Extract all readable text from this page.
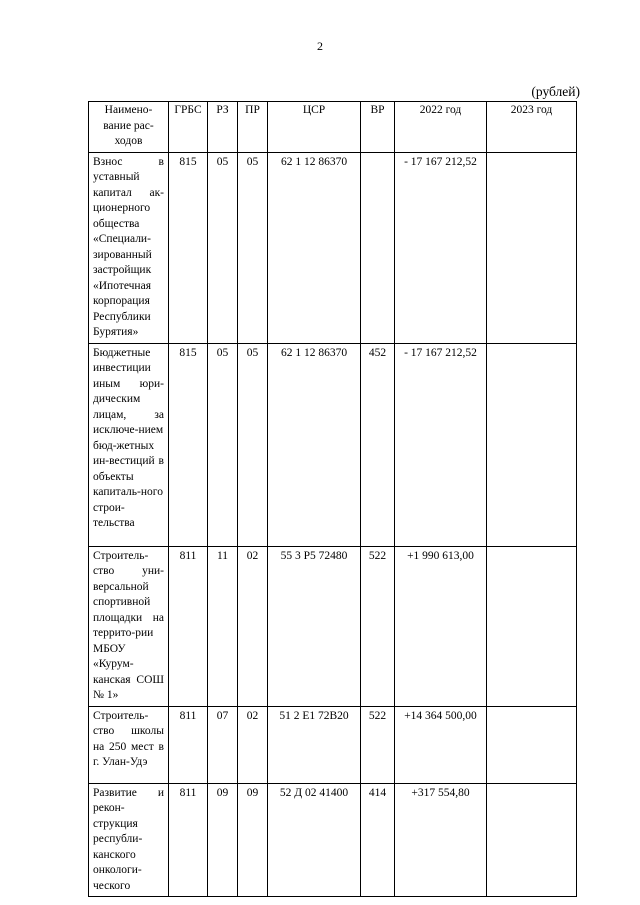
2
(рублей)
Наимено-вание рас-ходов	ГРБС	РЗ	ПР	ЦСР	ВР	2022 год	2023 год
Взнос в уставный капитал ак-ционерного общества «Специали-зированный застройщик «Ипотечная корпорация Республики Бурятия»	815	05	05	62 1 12 86370		- 17 167 212,52	
Бюджетные инвестиции иным юри-дическим лицам, за исключе-нием бюд-жетных ин-вестиций в объекты капиталь-ного строи-тельства	815	05	05	62 1 12 86370	452	- 17 167 212,52	
Строитель-ство уни-версальной спортивной площадки на террито-рии МБОУ «Курум-канская СОШ № 1»	811	11	02	55 3 P5 72480	522	+1 990 613,00	
Строитель-ство школы на 250 мест в г. Улан-Удэ	811	07	02	51 2 E1 72В20	522	+14 364 500,00	
Развитие и рекон-струкция республи-канского онкологи-ческого	811	09	09	52 Д 02 41400	414	+317 554,80	
